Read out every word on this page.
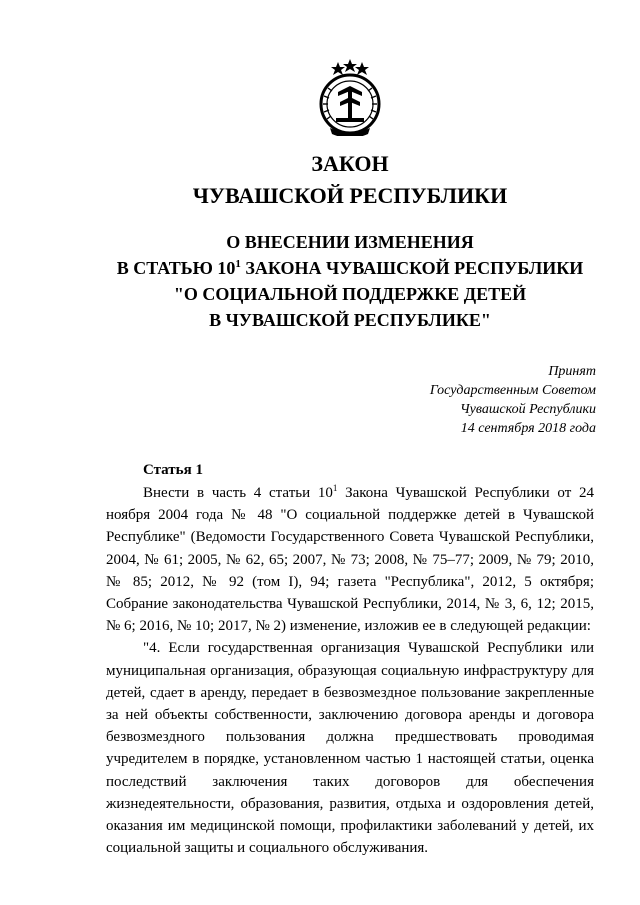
ЗАКОН
ЧУВАШСКОЙ РЕСПУБЛИКИ
О ВНЕСЕНИИ ИЗМЕНЕНИЯ
В СТАТЬЮ $10^1$ ЗАКОНА ЧУВАШСКОЙ РЕСПУБЛИКИ
"О СОЦИАЛЬНОЙ ПОДДЕРЖКЕ ДЕТЕЙ
В ЧУВАШСКОЙ РЕСПУБЛИКЕ"
Принят
Государственным Советом
Чувашской Республики
14 сентября 2018 года
Статья 1

Внести в часть 4 статьи $10^1$ Закона Чувашской Республики от 24 ноября 2004 года № 48 "О социальной поддержке детей в Чувашской Республике" (Ведомости Государственного Совета Чувашской Республики, 2004, № 61; 2005, № 62, 65; 2007, № 73; 2008, № 75–77; 2009, № 79; 2010, № 85; 2012, № 92 (том I), 94; газета "Республика", 2012, 5 октября; Собрание законодательства Чувашской Республики, 2014, № 3, 6, 12; 2015, № 6; 2016, № 10; 2017, № 2) изменение, изложив ее в следующей редакции:

"4. Если государственная организация Чувашской Республики или муниципальная организация, образующая социальную инфраструктуру для детей, сдает в аренду, передает в безвозмездное пользование закрепленные за ней объекты собственности, заключению договора аренды и договора безвозмездного пользования должна предшествовать проводимая учредителем в порядке, установленном частью 1 настоящей статьи, оценка последствий заключения таких договоров для обеспечения жизнедеятельности, образования, развития, отдыха и оздоровления детей, оказания им медицинской помощи, профилактики заболеваний у детей, их социальной защиты и социального обслуживания.
